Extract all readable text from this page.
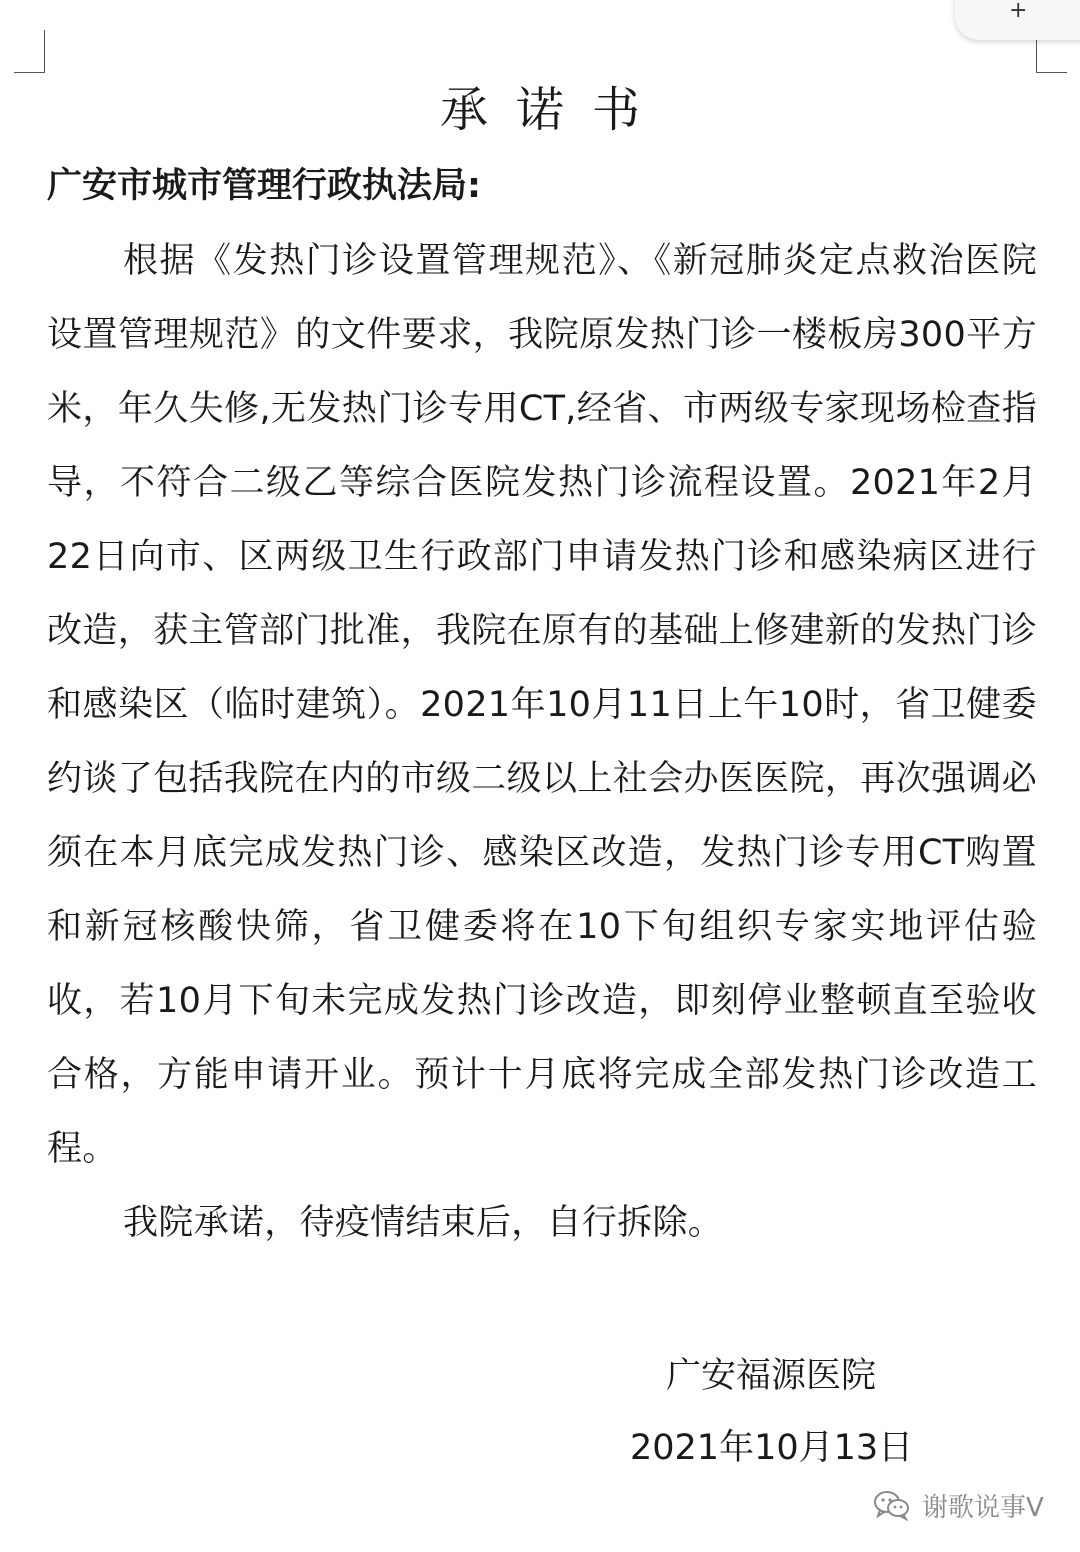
+
承诺书
广安市城市管理行政执法局:

根据《发热门诊设置管理规范》、《新冠肺炎定点救治医院设置管理规范》的文件要求，我院原发热门诊一楼板房300平方米，年久失修,无发热门诊专用CT,经省、市两级专家现场检查指导，不符合二级乙等综合医院发热门诊流程设置。2021年2月22日向市、区两级卫生行政部门申请发热门诊和感染病区进行改造，获主管部门批准，我院在原有的基础上修建新的发热门诊和感染区（临时建筑）。2021年10月11日上午10时，省卫健委约谈了包括我院在内的市级二级以上社会办医医院，再次强调必须在本月底完成发热门诊、感染区改造，发热门诊专用CT购置和新冠核酸快筛，省卫健委将在10下旬组织专家实地评估验收，若10月下旬未完成发热门诊改造，即刻停业整顿直至验收合格，方能申请开业。预计十月底将完成全部发热门诊改造工程。

我院承诺，待疫情结束后，自行拆除。

广安福源医院
2021年10月13日
谢歌说事V
